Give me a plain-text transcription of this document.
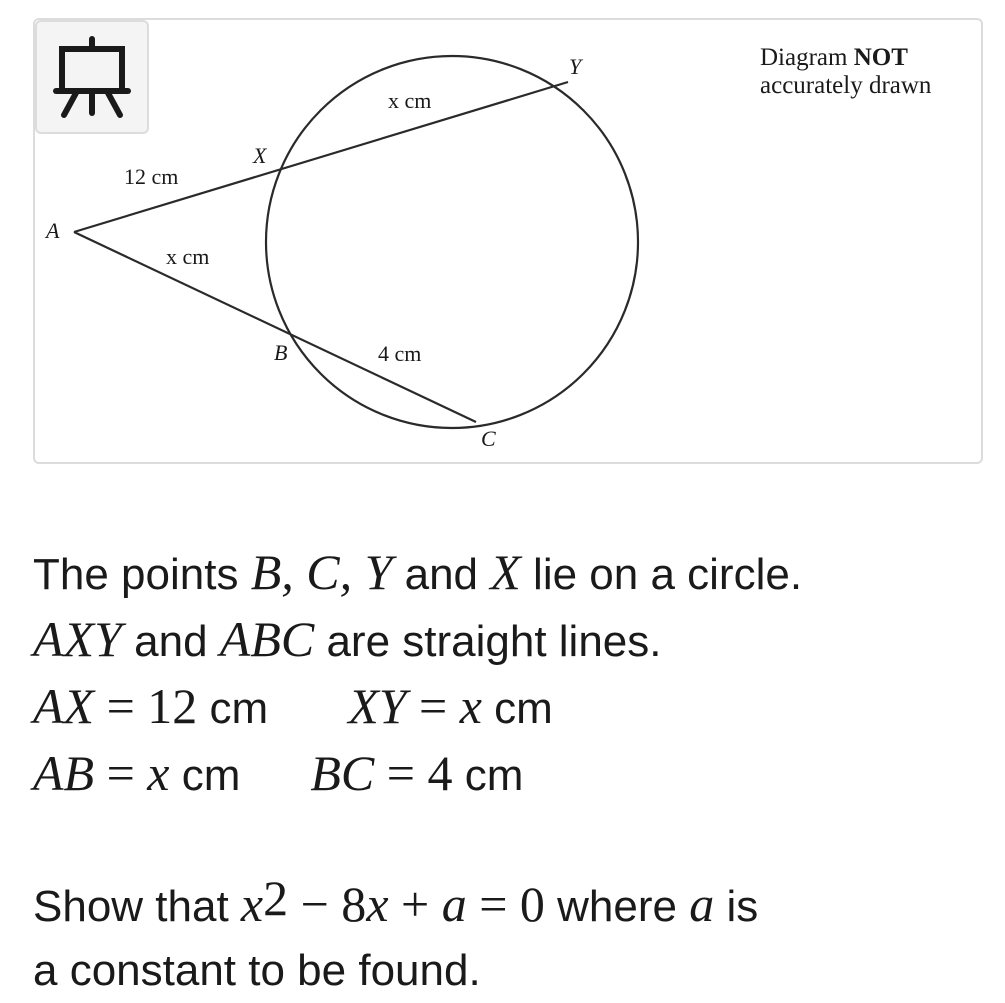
A
X
Y
B
C
12 cm
x cm
x cm
4 cm
Diagram NOT
accurately drawn
The points B, C, Y and X lie on a circle.
AXY and ABC are straight lines.
AX = 12 cm XY = x cm
AB = x cm BC = 4 cm
Show that $x^2 - 8x + a = 0$ where a is
a constant to be found.
